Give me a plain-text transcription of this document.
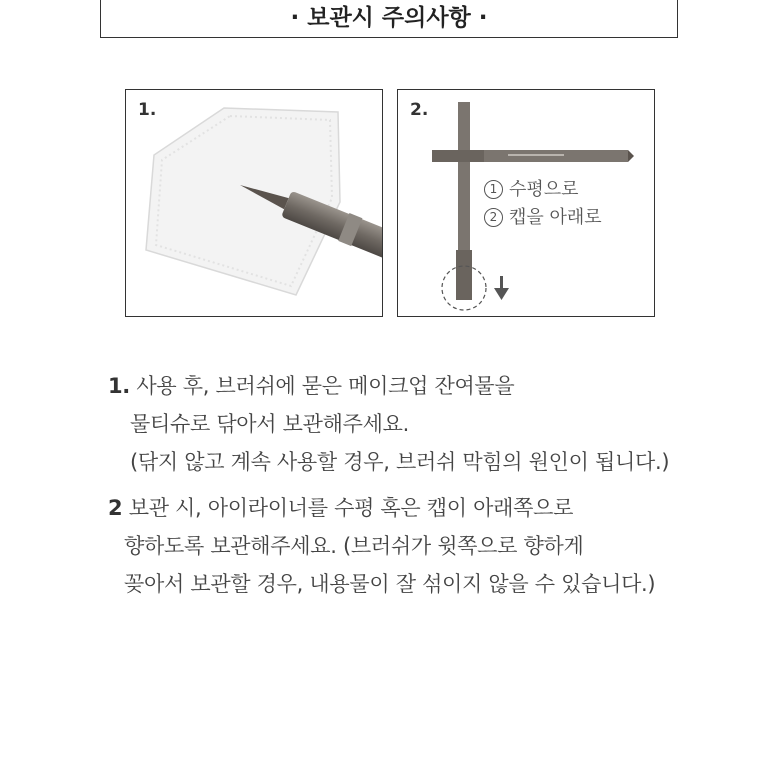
· 보관시 주의사항 ·
1.	2.
1 수평으로
2 캡을 아래로
1. 사용 후, 브러쉬에 묻은 메이크업 잔여물을
물티슈로 닦아서 보관해주세요.
(닦지 않고 계속 사용할 경우, 브러쉬 막힘의 원인이 됩니다.)
2 보관 시, 아이라이너를 수평 혹은 캡이 아래쪽으로
향하도록 보관해주세요. (브러쉬가 윗쪽으로 향하게
꽂아서 보관할 경우, 내용물이 잘 섞이지 않을 수 있습니다.)
